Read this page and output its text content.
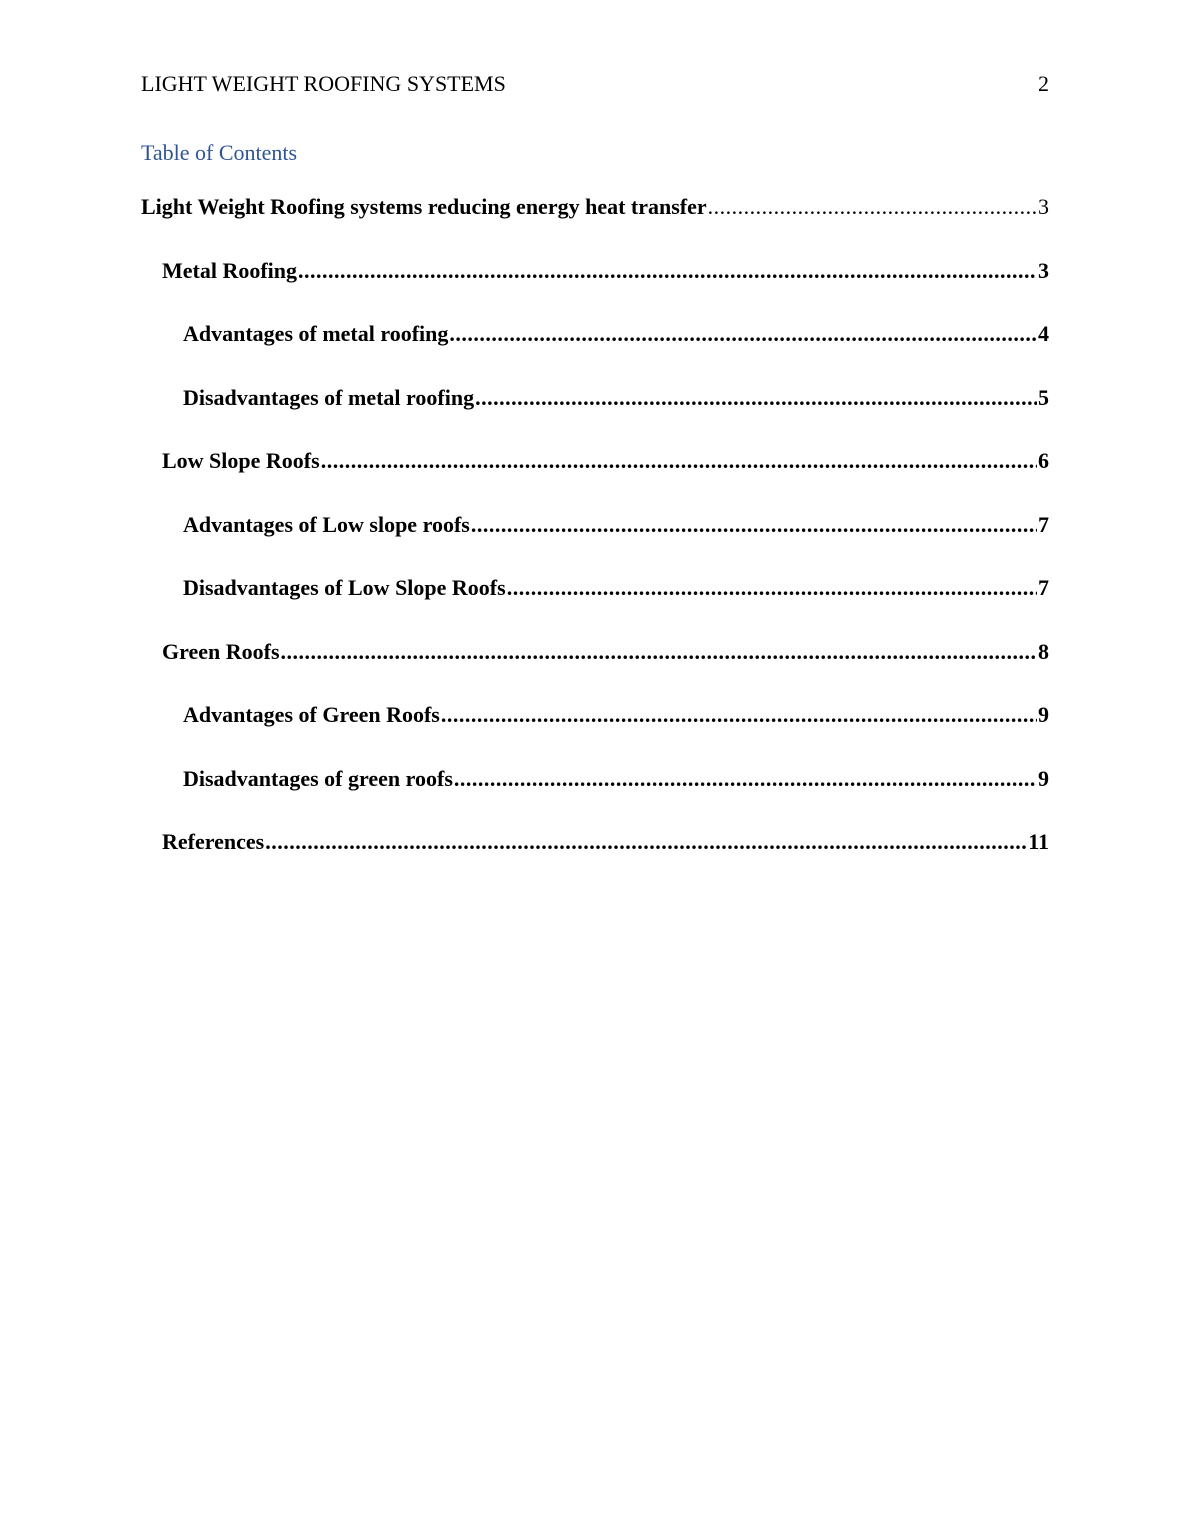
LIGHT WEIGHT ROOFING SYSTEMS	2
Table of Contents
Light Weight Roofing systems reducing energy heat transfer .....	3
Metal Roofing .....	3
Advantages of metal roofing .....	4
Disadvantages of metal roofing .....	5
Low Slope Roofs .....	6
Advantages of Low slope roofs .....	7
Disadvantages of Low Slope Roofs .....	7
Green Roofs .....	8
Advantages of Green Roofs .....	9
Disadvantages of green roofs .....	9
References .....	11
